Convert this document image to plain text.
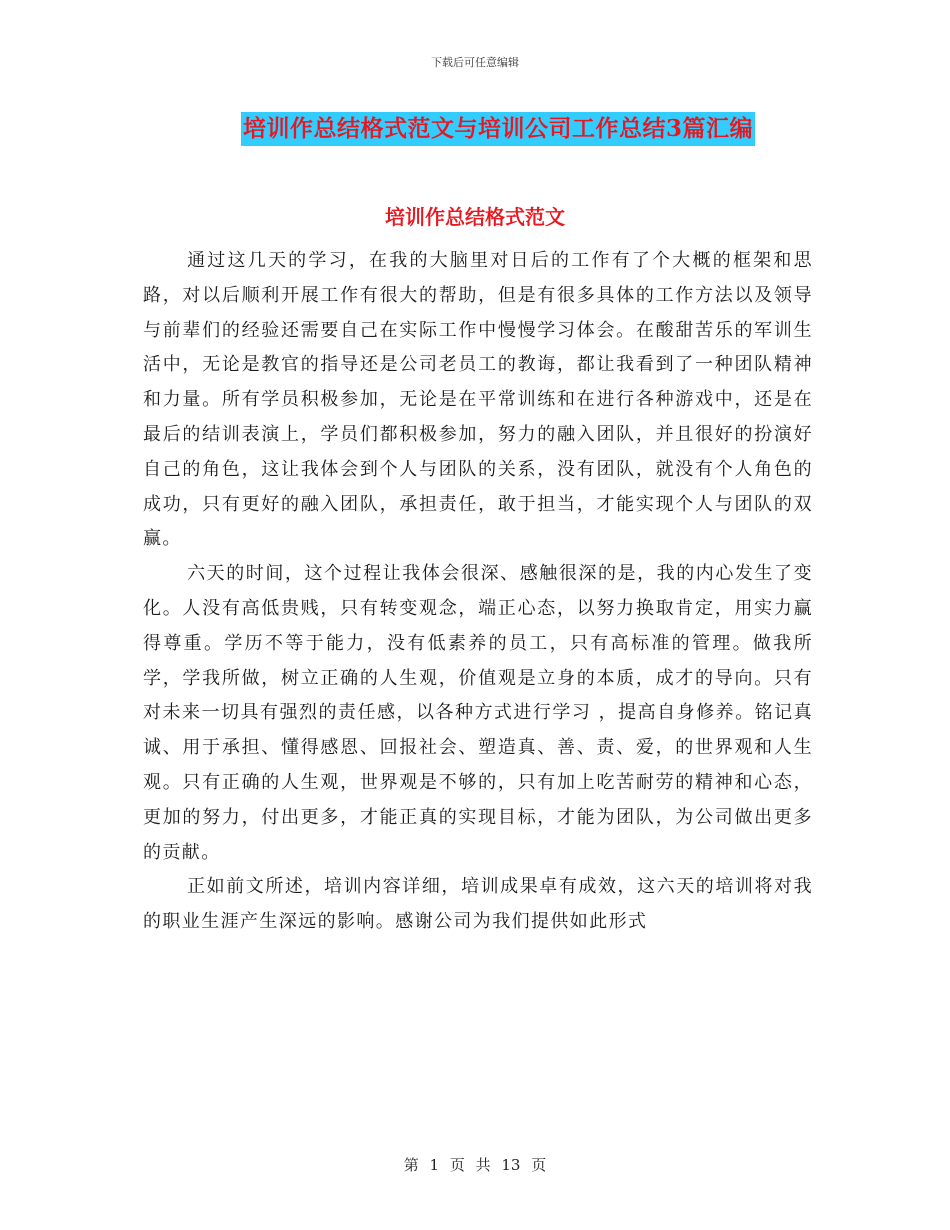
下载后可任意编辑
培训作总结格式范文与培训公司工作总结3篇汇编
培训作总结格式范文

通过这几天的学习，在我的大脑里对日后的工作有了个大概的框架和思路，对以后顺利开展工作有很大的帮助，但是有很多具体的工作方法以及领导与前辈们的经验还需要自己在实际工作中慢慢学习体会。在酸甜苦乐的军训生活中，无论是教官的指导还是公司老员工的教诲，都让我看到了一种团队精神和力量。所有学员积极参加，无论是在平常训练和在进行各种游戏中，还是在最后的结训表演上，学员们都积极参加，努力的融入团队，并且很好的扮演好自己的角色，这让我体会到个人与团队的关系，没有团队，就没有个人角色的成功，只有更好的融入团队，承担责任，敢于担当，才能实现个人与团队的双赢。

六天的时间，这个过程让我体会很深、感触很深的是，我的内心发生了变化。人没有高低贵贱，只有转变观念，端正心态，以努力换取肯定，用实力赢得尊重。学历不等于能力，没有低素养的员工，只有高标准的管理。做我所学，学我所做，树立正确的人生观，价值观是立身的本质，成才的导向。只有对未来一切具有强烈的责任感，以各种方式进行学习 ，提高自身修养。铭记真诚、用于承担、懂得感恩、回报社会、塑造真、善、责、爱，的世界观和人生观。只有正确的人生观，世界观是不够的，只有加上吃苦耐劳的精神和心态，更加的努力，付出更多，才能正真的实现目标，才能为团队，为公司做出更多的贡献。

正如前文所述，培训内容详细，培训成果卓有成效，这六天的培训将对我的职业生涯产生深远的影响。感谢公司为我们提供如此形式

第 1 页 共 13 页
